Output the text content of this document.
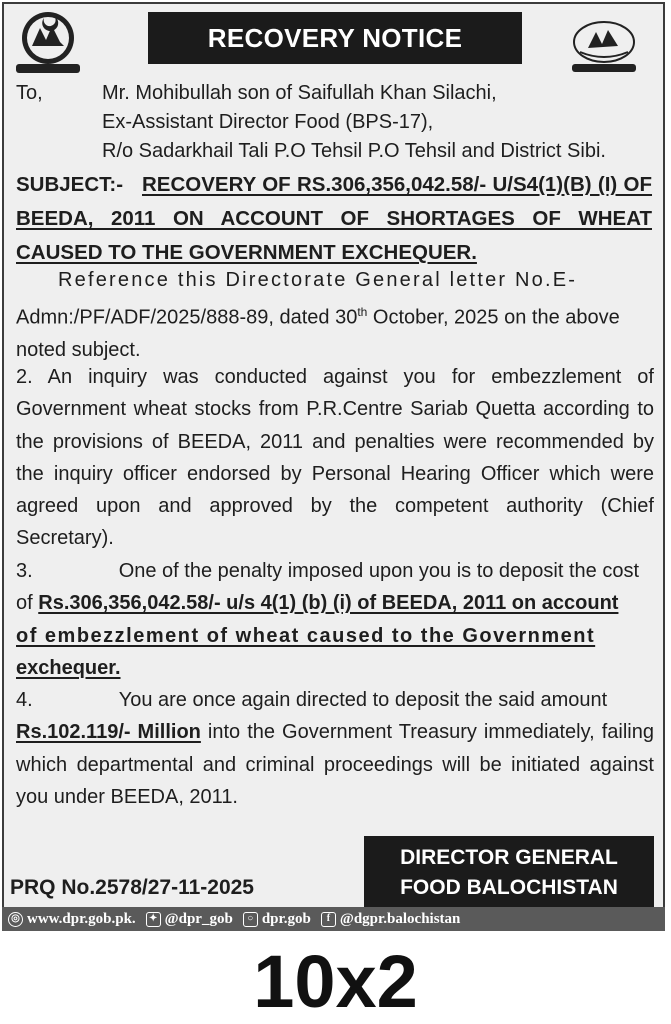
RECOVERY NOTICE
To,	Mr. Mohibullah son of Saifullah Khan Silachi,
Ex-Assistant Director Food (BPS-17),
R/o Sadarkhail Tali P.O Tehsil P.O Tehsil and District Sibi.
SUBJECT:- RECOVERY OF RS.306,356,042.58/- U/S4(1)(B) (I) OF BEEDA, 2011 ON ACCOUNT OF SHORTAGES OF WHEAT CAUSED TO THE GOVERNMENT EXCHEQUER.
Reference this Directorate General letter No.E-
Admn:/PF/ADF/2025/888-89, dated 30th October, 2025 on the above
noted subject.
2. An inquiry was conducted against you for embezzlement of Government wheat stocks from P.R.Centre Sariab Quetta according to the provisions of BEEDA, 2011 and penalties were recommended by the inquiry officer endorsed by Personal Hearing Officer which were agreed upon and approved by the competent authority (Chief Secretary).
3.	One of the penalty imposed upon you is to deposit the cost
of Rs.306,356,042.58/- u/s 4(1) (b) (i) of BEEDA, 2011 on account
of embezzlement of wheat caused to the Government
exchequer.
4.	You are once again directed to deposit the said amount
Rs.102.119/- Million into the Government Treasury immediately, failing which departmental and criminal proceedings will be initiated against you under BEEDA, 2011.
DIRECTOR GENERAL
FOOD BALOCHISTAN
PRQ No.2578/27-11-2025
◎ www.dpr.gob.pk.	✦ @dpr_gob	○ dpr.gob	f @dgpr.balochistan
10x2
